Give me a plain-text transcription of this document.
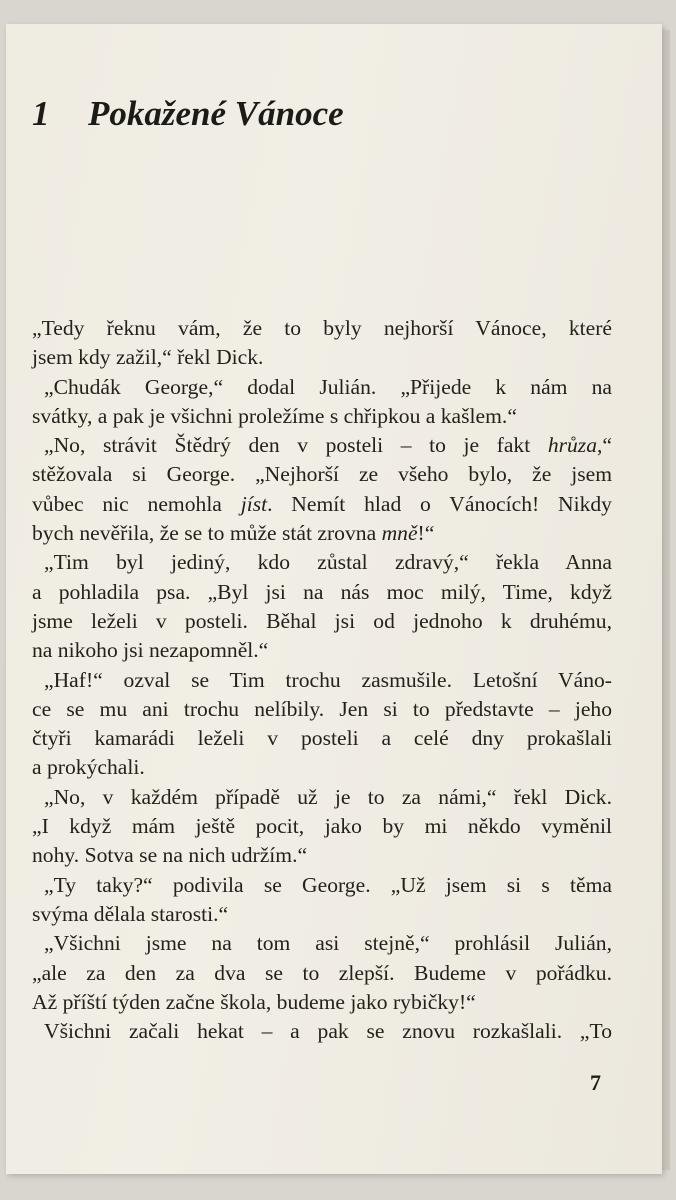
1 Pokažené Vánoce

„Tedy řeknu vám, že to byly nejhorší Vánoce, které
jsem kdy zažil,“ řekl Dick.

„Chudák George,“ dodal Julián. „Přijede k nám na
svátky, a pak je všichni proležíme s chřipkou a kašlem.“

„No, strávit Štědrý den v posteli – to je fakt hrůza,“
stěžovala si George. „Nejhorší ze všeho bylo, že jsem
vůbec nic nemohla jíst. Nemít hlad o Vánocích! Nikdy
bych nevěřila, že se to může stát zrovna mně!“

„Tim byl jediný, kdo zůstal zdravý,“ řekla Anna
a pohladila psa. „Byl jsi na nás moc milý, Time, když
jsme leželi v posteli. Běhal jsi od jednoho k druhému,
na nikoho jsi nezapomněl.“

„Haf!“ ozval se Tim trochu zasmušile. Letošní Váno-
ce se mu ani trochu nelíbily. Jen si to představte – jeho
čtyři kamarádi leželi v posteli a celé dny prokašlali
a prokýchali.

„No, v každém případě už je to za námi,“ řekl Dick.
„I když mám ještě pocit, jako by mi někdo vyměnil
nohy. Sotva se na nich udržím.“

„Ty taky?“ podivila se George. „Už jsem si s těma
svýma dělala starosti.“

„Všichni jsme na tom asi stejně,“ prohlásil Julián,
„ale za den za dva se to zlepší. Budeme v pořádku.
Až příští týden začne škola, budeme jako rybičky!“

Všichni začali hekat – a pak se znovu rozkašlali. „To

7
